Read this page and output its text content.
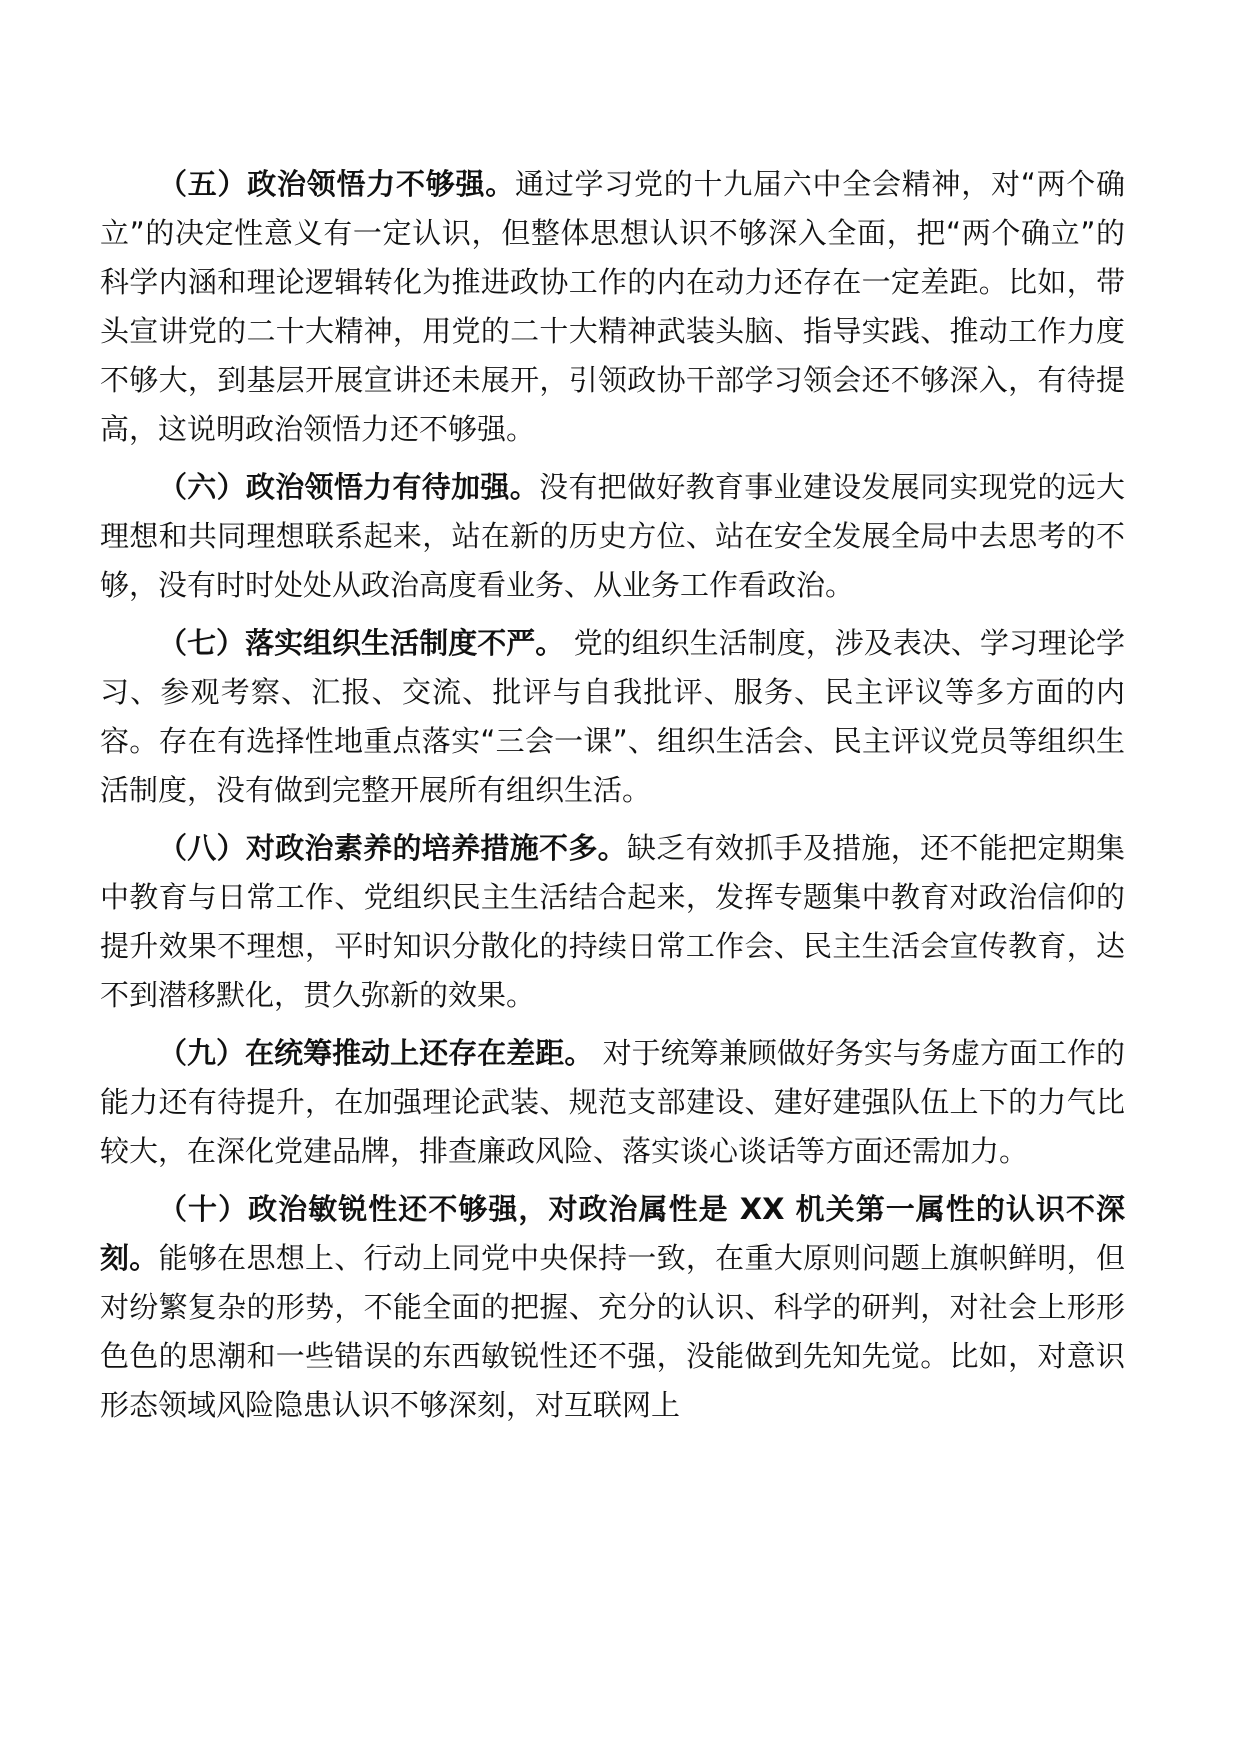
（五）政治领悟力不够强。通过学习党的十九届六中全会精神，对“两个确立”的决定性意义有一定认识，但整体思想认识不够深入全面，把“两个确立”的科学内涵和理论逻辑转化为推进政协工作的内在动力还存在一定差距。比如，带头宣讲党的二十大精神，用党的二十大精神武装头脑、指导实践、推动工作力度不够大，到基层开展宣讲还未展开，引领政协干部学习领会还不够深入，有待提高，这说明政治领悟力还不够强。

（六）政治领悟力有待加强。没有把做好教育事业建设发展同实现党的远大理想和共同理想联系起来，站在新的历史方位、站在安全发展全局中去思考的不够，没有时时处处从政治高度看业务、从业务工作看政治。

（七）落实组织生活制度不严。 党的组织生活制度，涉及表决、学习理论学习、参观考察、汇报、交流、批评与自我批评、服务、民主评议等多方面的内容。存在有选择性地重点落实“三会一课”、组织生活会、民主评议党员等组织生活制度，没有做到完整开展所有组织生活。

（八）对政治素养的培养措施不多。缺乏有效抓手及措施，还不能把定期集中教育与日常工作、党组织民主生活结合起来，发挥专题集中教育对政治信仰的提升效果不理想，平时知识分散化的持续日常工作会、民主生活会宣传教育，达不到潜移默化，贯久弥新的效果。

（九）在统筹推动上还存在差距。 对于统筹兼顾做好务实与务虚方面工作的能力还有待提升，在加强理论武装、规范支部建设、建好建强队伍上下的力气比较大，在深化党建品牌，排查廉政风险、落实谈心谈话等方面还需加力。

（十）政治敏锐性还不够强，对政治属性是 XX 机关第一属性的认识不深刻。能够在思想上、行动上同党中央保持一致，在重大原则问题上旗帜鲜明，但对纷繁复杂的形势，不能全面的把握、充分的认识、科学的研判，对社会上形形色色的思潮和一些错误的东西敏锐性还不强，没能做到先知先觉。比如，对意识形态领域风险隐患认识不够深刻，对互联网上
